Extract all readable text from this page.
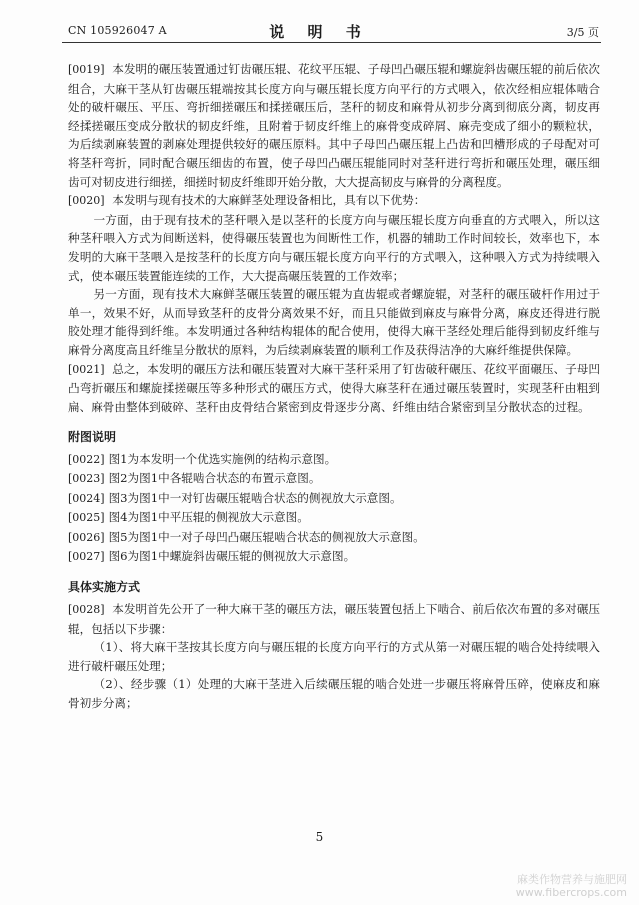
CN 105926047 A	说 明 书	3/5 页

[0019] 本发明的碾压装置通过钉齿碾压辊、花纹平压辊、子母凹凸碾压辊和螺旋斜齿碾压辊的前后依次组合，大麻干茎从钉齿碾压辊端按其长度方向与碾压辊长度方向平行的方式喂入，依次经相应辊体啮合处的破杆碾压、平压、弯折细搓碾压和揉搓碾压后，茎秆的韧皮和麻骨从初步分离到彻底分离，韧皮再经揉搓碾压变成分散状的韧皮纤维，且附着于韧皮纤维上的麻骨变成碎屑、麻壳变成了细小的颗粒状，为后续剥麻装置的剥麻处理提供较好的碾压原料。其中子母凹凸碾压辊上凸齿和凹槽形成的子母配对可将茎秆弯折，同时配合碾压细齿的布置，使子母凹凸碾压辊能同时对茎秆进行弯折和碾压处理，碾压细齿可对韧皮进行细搓，细搓时韧皮纤维即开始分散，大大提高韧皮与麻骨的分离程度。

[0020] 本发明与现有技术的大麻鲜茎处理设备相比，具有以下优势：

一方面，由于现有技术的茎秆喂入是以茎秆的长度方向与碾压辊长度方向垂直的方式喂入，所以这种茎秆喂入方式为间断送料，使得碾压装置也为间断性工作，机器的辅助工作时间较长，效率也下，本发明的大麻干茎喂入是按茎秆的长度方向与碾压辊长度方向平行的方式喂入，这种喂入方式为持续喂入式，使本碾压装置能连续的工作，大大提高碾压装置的工作效率；

另一方面，现有技术大麻鲜茎碾压装置的碾压辊为直齿辊或者螺旋辊，对茎秆的碾压破杆作用过于单一，效果不好，从而导致茎秆的皮骨分离效果不好，而且只能做到麻皮与麻骨分离，麻皮还得进行脱胶处理才能得到纤维。本发明通过各种结构辊体的配合使用，使得大麻干茎经处理后能得到韧皮纤维与麻骨分离度高且纤维呈分散状的原料，为后续剥麻装置的顺利工作及获得洁净的大麻纤维提供保障。

[0021] 总之，本发明的碾压方法和碾压装置对大麻干茎秆采用了钉齿破秆碾压、花纹平面碾压、子母凹凸弯折碾压和螺旋揉搓碾压等多种形式的碾压方式，使得大麻茎秆在通过碾压装置时，实现茎秆由粗到扁、麻骨由整体到破碎、茎秆由皮骨结合紧密到皮骨逐步分离、纤维由结合紧密到呈分散状态的过程。

附图说明

[0022] 图1为本发明一个优选实施例的结构示意图。

[0023] 图2为图1中各辊啮合状态的布置示意图。

[0024] 图3为图1中一对钉齿碾压辊啮合状态的侧视放大示意图。

[0025] 图4为图1中平压辊的侧视放大示意图。

[0026] 图5为图1中一对子母凹凸碾压辊啮合状态的侧视放大示意图。

[0027] 图6为图1中螺旋斜齿碾压辊的侧视放大示意图。

具体实施方式

[0028] 本发明首先公开了一种大麻干茎的碾压方法，碾压装置包括上下啮合、前后依次布置的多对碾压辊，包括以下步骤：

（1）、将大麻干茎按其长度方向与碾压辊的长度方向平行的方式从第一对碾压辊的啮合处持续喂入进行破杆碾压处理；

（2）、经步骤（1）处理的大麻干茎进入后续碾压辊的啮合处进一步碾压将麻骨压碎，使麻皮和麻骨初步分离；

5
麻类作物营养与施肥网
www.fibercrops.com
